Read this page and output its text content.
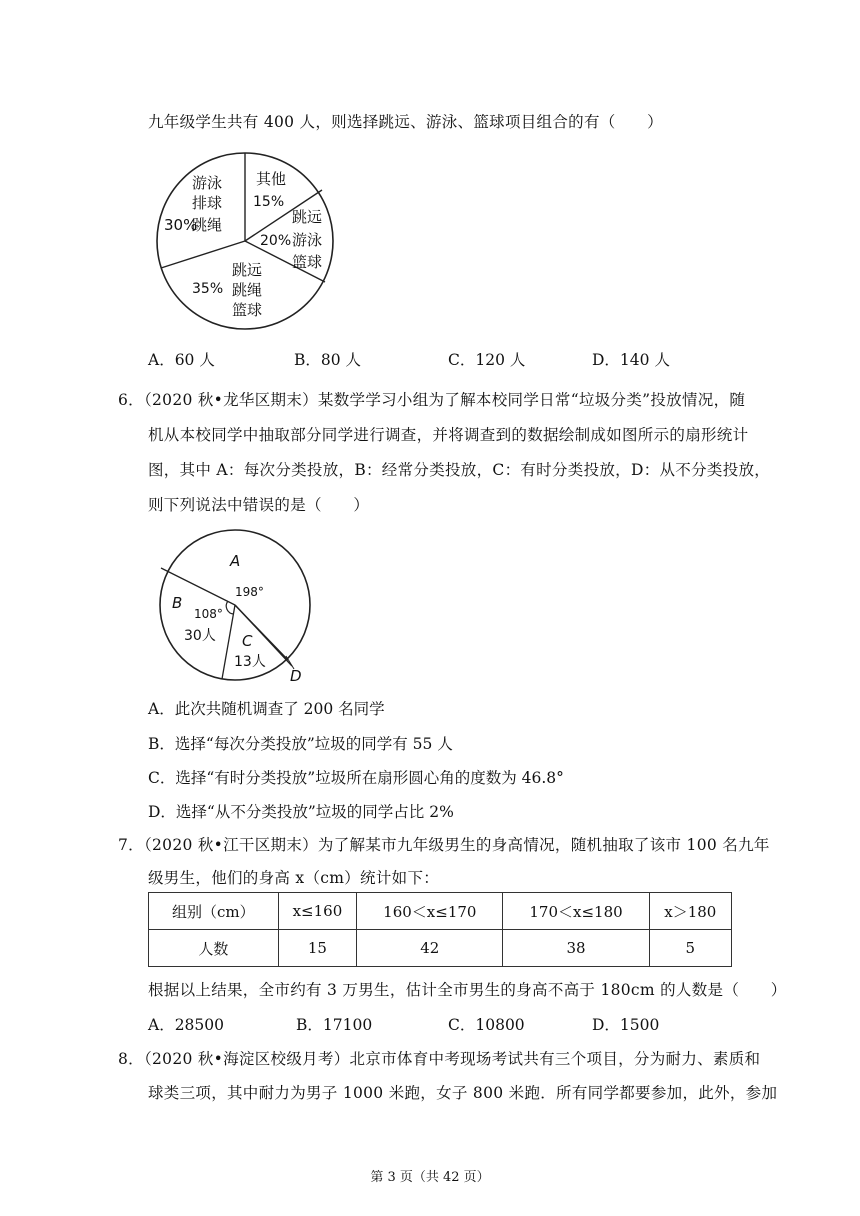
九年级学生共有 400 人，则选择跳远、游泳、篮球项目组合的有（　　）
游泳
排球
30%
跳绳
其他
15%
跳远
20% 游泳
篮球
跳远
35% 跳绳
篮球
A．60 人	B．80 人	C．120 人	D．140 人
6．（2020 秋•龙华区期末）某数学学习小组为了解本校同学日常“垃圾分类”投放情况，随
机从本校同学中抽取部分同学进行调查，并将调查到的数据绘制成如图所示的扇形统计
图，其中 A：每次分类投放，B：经常分类投放，C：有时分类投放，D：从不分类投放，
则下列说法中错误的是（　　）
A
198°
B
108°
30人 C
13人
D
A．此次共随机调查了 200 名同学
B．选择“每次分类投放”垃圾的同学有 55 人
C．选择“有时分类投放”垃圾所在扇形圆心角的度数为 46.8°
D．选择“从不分类投放”垃圾的同学占比 2%
7．（2020 秋•江干区期末）为了解某市九年级男生的身高情况，随机抽取了该市 100 名九年
级男生，他们的身高 x（cm）统计如下：
组别（cm）	x≤160	160＜x≤170	170＜x≤180	x＞180
人数	15	42	38	5
根据以上结果，全市约有 3 万男生，估计全市男生的身高不高于 180cm 的人数是（　　）
A．28500	B．17100	C．10800	D．1500
8．（2020 秋•海淀区校级月考）北京市体育中考现场考试共有三个项目，分为耐力、素质和
球类三项，其中耐力为男子 1000 米跑，女子 800 米跑．所有同学都要参加，此外，参加
第 3 页（共 42 页）
